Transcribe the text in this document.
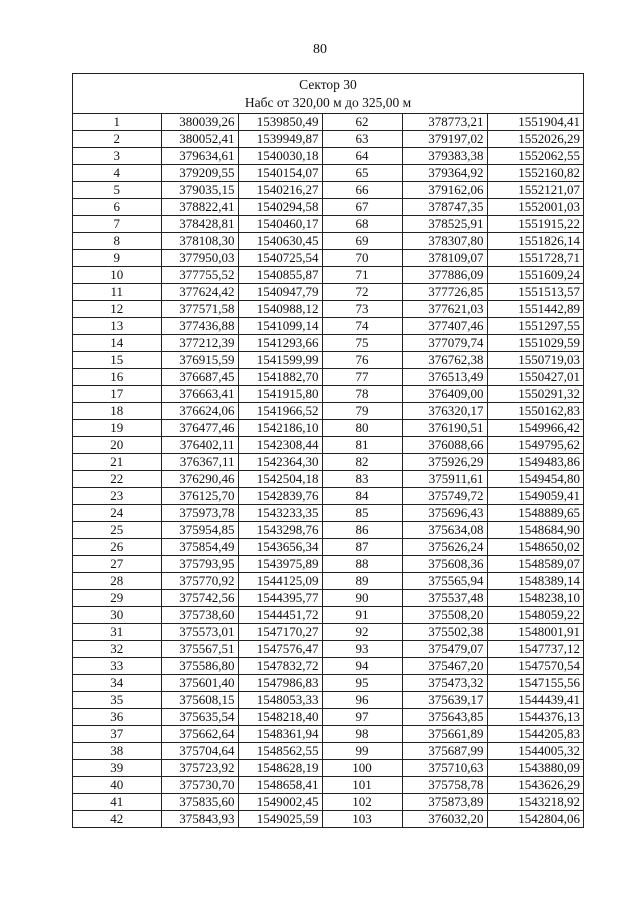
80
Сектор 30
Набс от 320,00 м до 325,00 м
1	380039,26	1539850,49	62	378773,21	1551904,41
2	380052,41	1539949,87	63	379197,02	1552026,29
3	379634,61	1540030,18	64	379383,38	1552062,55
4	379209,55	1540154,07	65	379364,92	1552160,82
5	379035,15	1540216,27	66	379162,06	1552121,07
6	378822,41	1540294,58	67	378747,35	1552001,03
7	378428,81	1540460,17	68	378525,91	1551915,22
8	378108,30	1540630,45	69	378307,80	1551826,14
9	377950,03	1540725,54	70	378109,07	1551728,71
10	377755,52	1540855,87	71	377886,09	1551609,24
11	377624,42	1540947,79	72	377726,85	1551513,57
12	377571,58	1540988,12	73	377621,03	1551442,89
13	377436,88	1541099,14	74	377407,46	1551297,55
14	377212,39	1541293,66	75	377079,74	1551029,59
15	376915,59	1541599,99	76	376762,38	1550719,03
16	376687,45	1541882,70	77	376513,49	1550427,01
17	376663,41	1541915,80	78	376409,00	1550291,32
18	376624,06	1541966,52	79	376320,17	1550162,83
19	376477,46	1542186,10	80	376190,51	1549966,42
20	376402,11	1542308,44	81	376088,66	1549795,62
21	376367,11	1542364,30	82	375926,29	1549483,86
22	376290,46	1542504,18	83	375911,61	1549454,80
23	376125,70	1542839,76	84	375749,72	1549059,41
24	375973,78	1543233,35	85	375696,43	1548889,65
25	375954,85	1543298,76	86	375634,08	1548684,90
26	375854,49	1543656,34	87	375626,24	1548650,02
27	375793,95	1543975,89	88	375608,36	1548589,07
28	375770,92	1544125,09	89	375565,94	1548389,14
29	375742,56	1544395,77	90	375537,48	1548238,10
30	375738,60	1544451,72	91	375508,20	1548059,22
31	375573,01	1547170,27	92	375502,38	1548001,91
32	375567,51	1547576,47	93	375479,07	1547737,12
33	375586,80	1547832,72	94	375467,20	1547570,54
34	375601,40	1547986,83	95	375473,32	1547155,56
35	375608,15	1548053,33	96	375639,17	1544439,41
36	375635,54	1548218,40	97	375643,85	1544376,13
37	375662,64	1548361,94	98	375661,89	1544205,83
38	375704,64	1548562,55	99	375687,99	1544005,32
39	375723,92	1548628,19	100	375710,63	1543880,09
40	375730,70	1548658,41	101	375758,78	1543626,29
41	375835,60	1549002,45	102	375873,89	1543218,92
42	375843,93	1549025,59	103	376032,20	1542804,06
